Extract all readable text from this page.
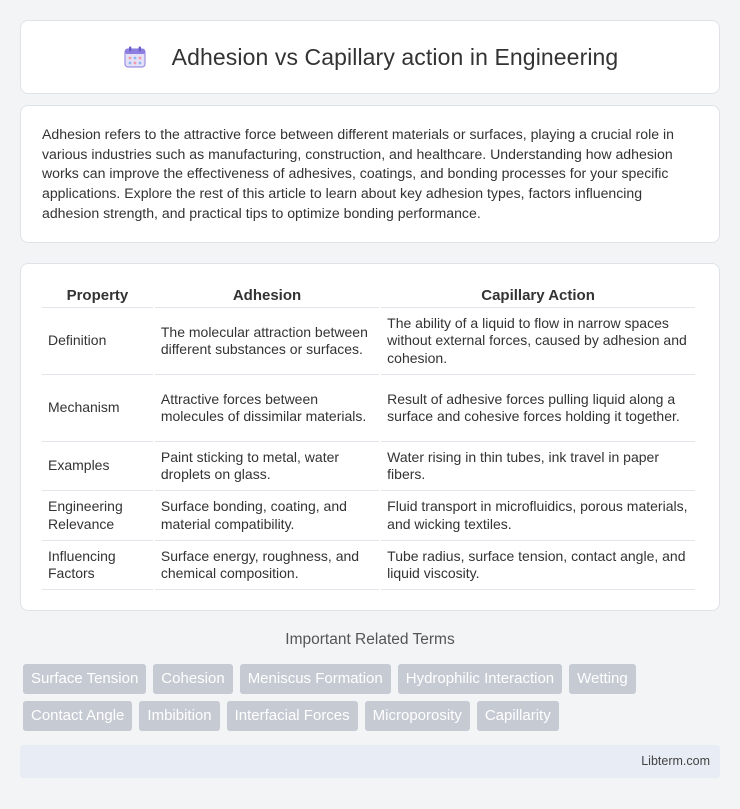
Adhesion vs Capillary action in Engineering

Adhesion refers to the attractive force between different materials or surfaces, playing a crucial role in various industries such as manufacturing, construction, and healthcare. Understanding how adhesion works can improve the effectiveness of adhesives, coatings, and bonding processes for your specific applications. Explore the rest of this article to learn about key adhesion types, factors influencing adhesion strength, and practical tips to optimize bonding performance.

Property	Adhesion	Capillary Action
Definition	The molecular attraction between different substances or surfaces.	The ability of a liquid to flow in narrow spaces without external forces, caused by adhesion and cohesion.
Mechanism	Attractive forces between molecules of dissimilar materials.	Result of adhesive forces pulling liquid along a surface and cohesive forces holding it together.
Examples	Paint sticking to metal, water droplets on glass.	Water rising in thin tubes, ink travel in paper fibers.
Engineering Relevance	Surface bonding, coating, and material compatibility.	Fluid transport in microfluidics, porous materials, and wicking textiles.
Influencing Factors	Surface energy, roughness, and chemical composition.	Tube radius, surface tension, contact angle, and liquid viscosity.
Important Related Terms
Surface Tension	Cohesion	Meniscus Formation	Hydrophilic Interaction	Wetting
Contact Angle	Imbibition	Interfacial Forces	Microporosity	Capillarity
Libterm.com
